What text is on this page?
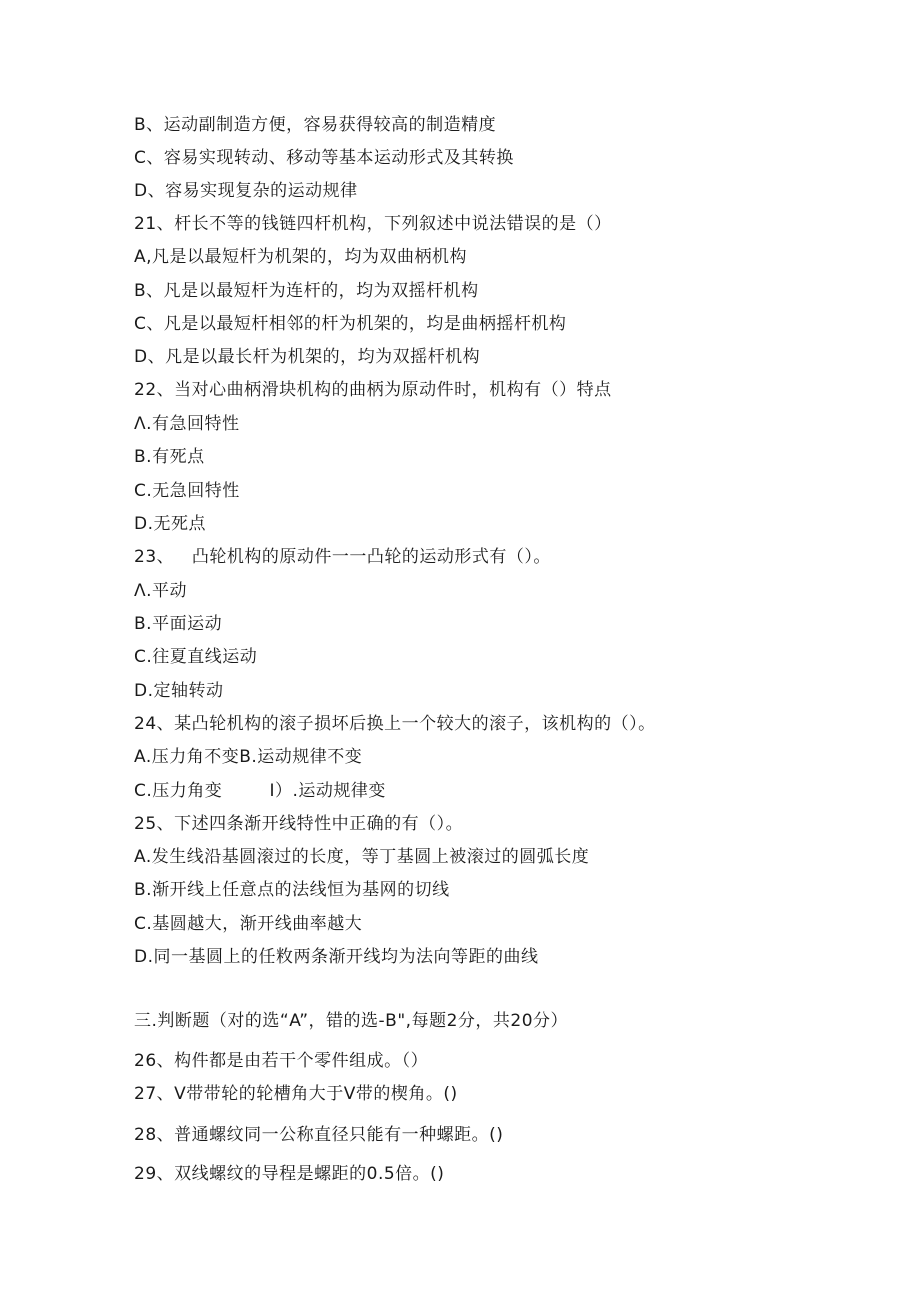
B、运动副制造方便，容易获得较高的制造精度
C、容易实现转动、移动等基本运动形式及其转换
D、容易实现复杂的运动规律
21、杆长不等的钱链四杆机构，下列叙述中说法错误的是（）
A,凡是以最短杆为机架的，均为双曲柄机构
B、凡是以最短杆为连杆的，均为双摇杆机构
C、凡是以最短杆相邻的杆为机架的，均是曲柄摇杆机构
D、凡是以最长杆为机架的，均为双摇杆机构
22、当对心曲柄滑块机构的曲柄为原动件时，机构有（）特点
Λ.有急回特性
B.有死点
C.无急回特性
D.无死点
23、   凸轮机构的原动件一一凸轮的运动形式有（）。
Λ.平动
B.平面运动
C.往夏直线运动
D.定轴转动
24、某凸轮机构的滚子损坏后换上一个较大的滚子，该机构的（）。
A.压力角不变B.运动规律不变
C.压力角变        I）.运动规律变
25、下述四条渐开线特性中正确的有（）。
A.发生线沿基圆滚过的长度，等丁基圆上被滚过的圆弧长度
B.渐开线上任意点的法线恒为基网的切线
C.基圆越大，渐开线曲率越大
D.同一基圆上的任敉两条渐开线均为法向等距的曲线
三.判断题（对的选“A”，错的选-B",每题2分，共20分）
26、构件都是由若干个零件组成。（）
27、V带带轮的轮槽角大于V带的楔角。()
28、普通螺纹同一公称直径只能有一种螺距。()
29、双线螺纹的导程是螺距的0.5倍。()
